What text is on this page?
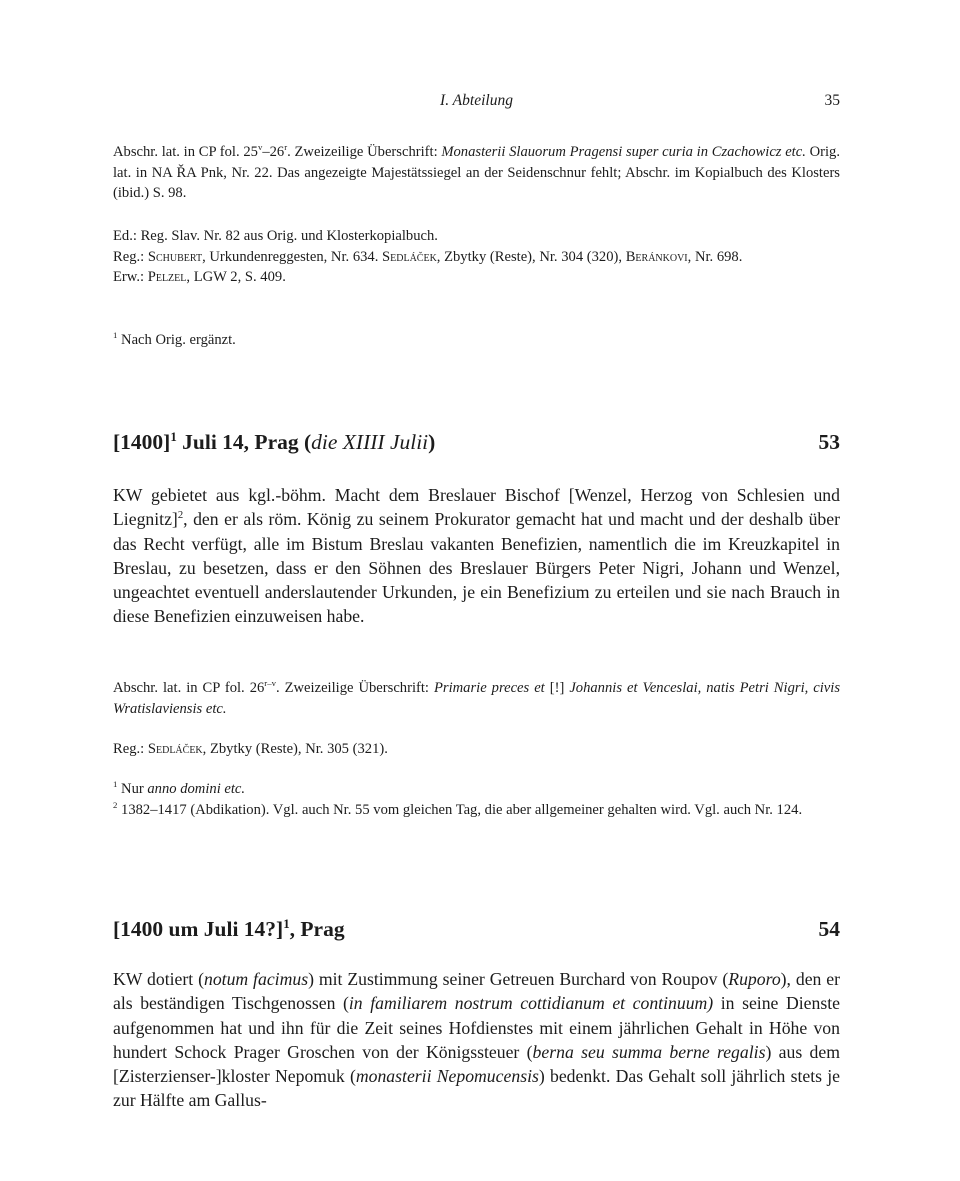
I. Abteilung	35

Abschr. lat. in CP fol. 25$^v$–26$^r$. Zweizeilige Überschrift: Monasterii Slauorum Pragensi super curia in Czachowicz etc. Orig. lat. in NA ŘA Pnk, Nr. 22. Das angezeigte Majestätssiegel an der Seidenschnur fehlt; Abschr. im Kopialbuch des Klosters (ibid.) S. 98.

Ed.: Reg. Slav. Nr. 82 aus Orig. und Klosterkopialbuch.

Reg.: Schubert, Urkundenreggesten, Nr. 634. Sedláček, Zbytky (Reste), Nr. 304 (320), Beránkovi, Nr. 698.

Erw.: Pelzel, LGW 2, S. 409.

$^1$ Nach Orig. ergänzt.

$[1400]^1$ Juli 14, Prag (die XIIII Julii)	53

KW gebietet aus kgl.-böhm. Macht dem Breslauer Bischof [Wenzel, Herzog von Schlesien und Liegnitz]$^2$, den er als röm. König zu seinem Prokurator gemacht hat und macht und der deshalb über das Recht verfügt, alle im Bistum Breslau vakanten Benefizien, namentlich die im Kreuzkapitel in Breslau, zu besetzen, dass er den Söhnen des Breslauer Bürgers Peter Nigri, Johann und Wenzel, ungeachtet eventuell anderslautender Urkunden, je ein Benefizium zu erteilen und sie nach Brauch in diese Benefizien einzuweisen habe.

Abschr. lat. in CP fol. 26$^{r-v}$. Zweizeilige Überschrift: Primarie preces et [!] Johannis et Venceslai, natis Petri Nigri, civis Wratislaviensis etc.

Reg.: Sedláček, Zbytky (Reste), Nr. 305 (321).

$^1$ Nur anno domini etc.

$^2$ 1382–1417 (Abdikation). Vgl. auch Nr. 55 vom gleichen Tag, die aber allgemeiner gehalten wird. Vgl. auch Nr. 124.

[1400 um Juli 14?]$^1$, Prag	54

KW dotiert (notum facimus) mit Zustimmung seiner Getreuen Burchard von Roupov (Ruporo), den er als beständigen Tischgenossen (in familiarem nostrum cottidianum et continuum) in seine Dienste aufgenommen hat und ihn für die Zeit seines Hofdienstes mit einem jährlichen Gehalt in Höhe von hundert Schock Prager Groschen von der Königssteuer (berna seu summa berne regalis) aus dem [Zisterzienser-]kloster Nepomuk (monasterii Nepomucensis) bedenkt. Das Gehalt soll jährlich stets je zur Hälfte am Gallus-
